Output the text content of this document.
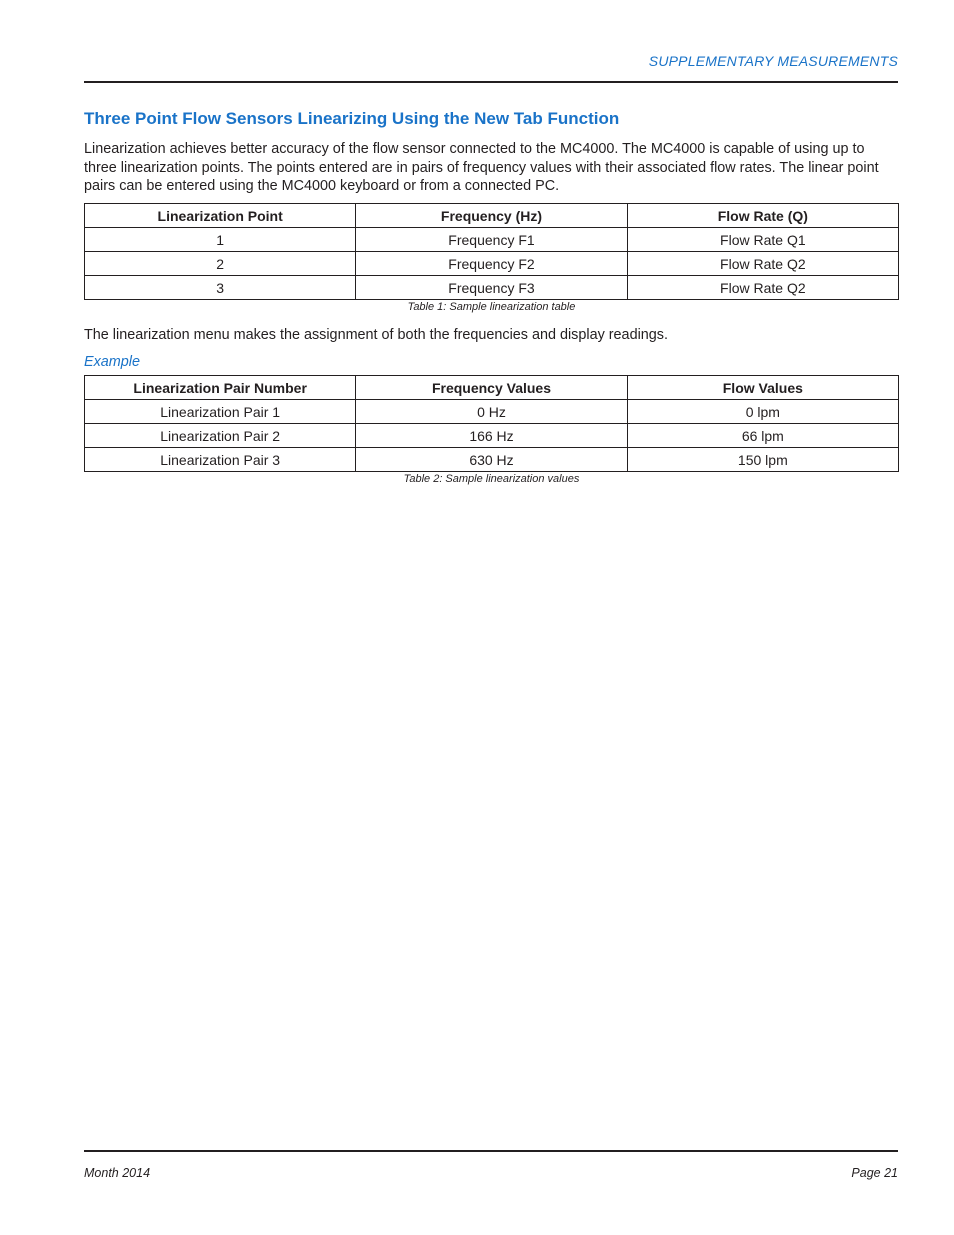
SUPPLEMENTARY MEASUREMENTS
Three Point Flow Sensors Linearizing Using the New Tab Function

Linearization achieves better accuracy of the flow sensor connected to the MC4000. The MC4000 is capable of using up to three linearization points. The points entered are in pairs of frequency values with their associated flow rates. The linear point pairs can be entered using the MC4000 keyboard or from a connected PC.

Linearization Point	Frequency (Hz)	Flow Rate (Q)
1	Frequency F1	Flow Rate Q1
2	Frequency F2	Flow Rate Q2
3	Frequency F3	Flow Rate Q2
Table 1: Sample linearization table

The linearization menu makes the assignment of both the frequencies and display readings.

Example
Linearization Pair Number	Frequency Values	Flow Values
Linearization Pair 1	0 Hz	0 lpm
Linearization Pair 2	166 Hz	66 lpm
Linearization Pair 3	630 Hz	150 lpm
Table 2: Sample linearization values
Month 2014	Page 21
